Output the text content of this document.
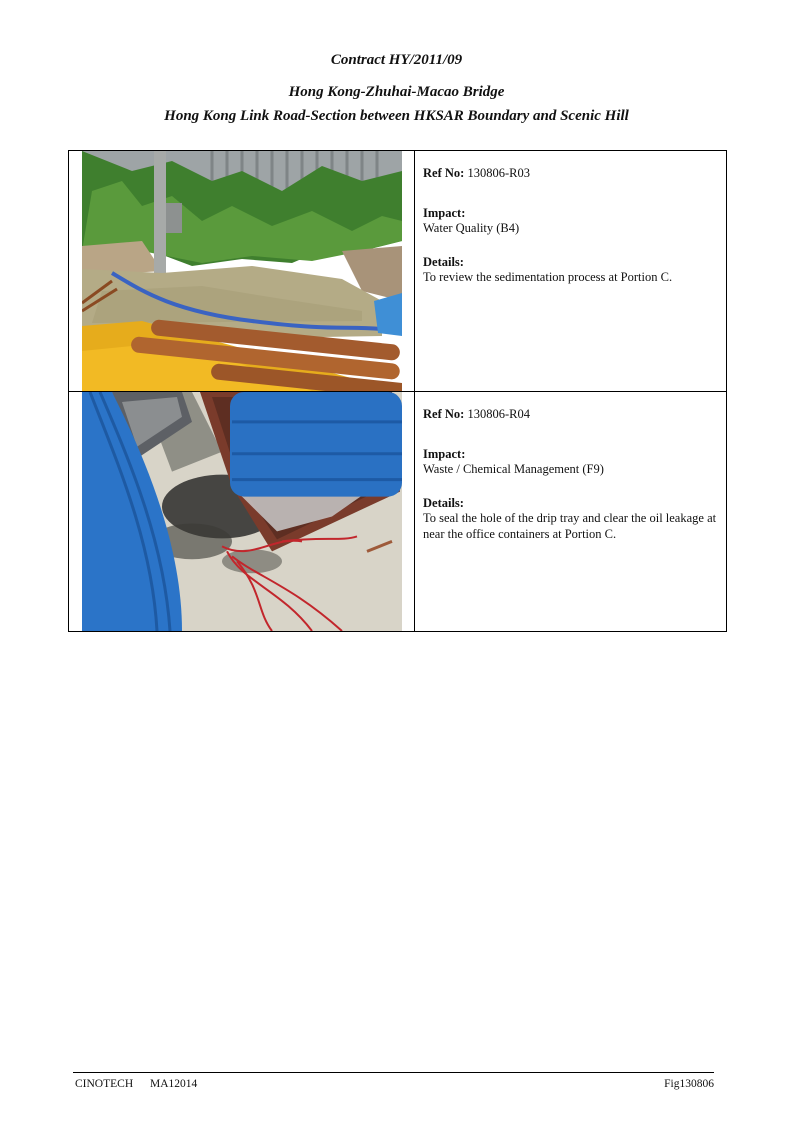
Contract HY/2011/09
Hong Kong-Zhuhai-Macao Bridge
Hong Kong Link Road-Section between HKSAR Boundary and Scenic Hill
Ref No: 130806-R03

Impact:

Water Quality (B4)

Details:

To review the sedimentation process at Portion C.

Ref No: 130806-R04

Impact:

Waste / Chemical Management (F9)

Details:

To seal the hole of the drip tray and clear the oil leakage at near the office containers at Portion C.

CINOTECH MA12014	Fig130806
